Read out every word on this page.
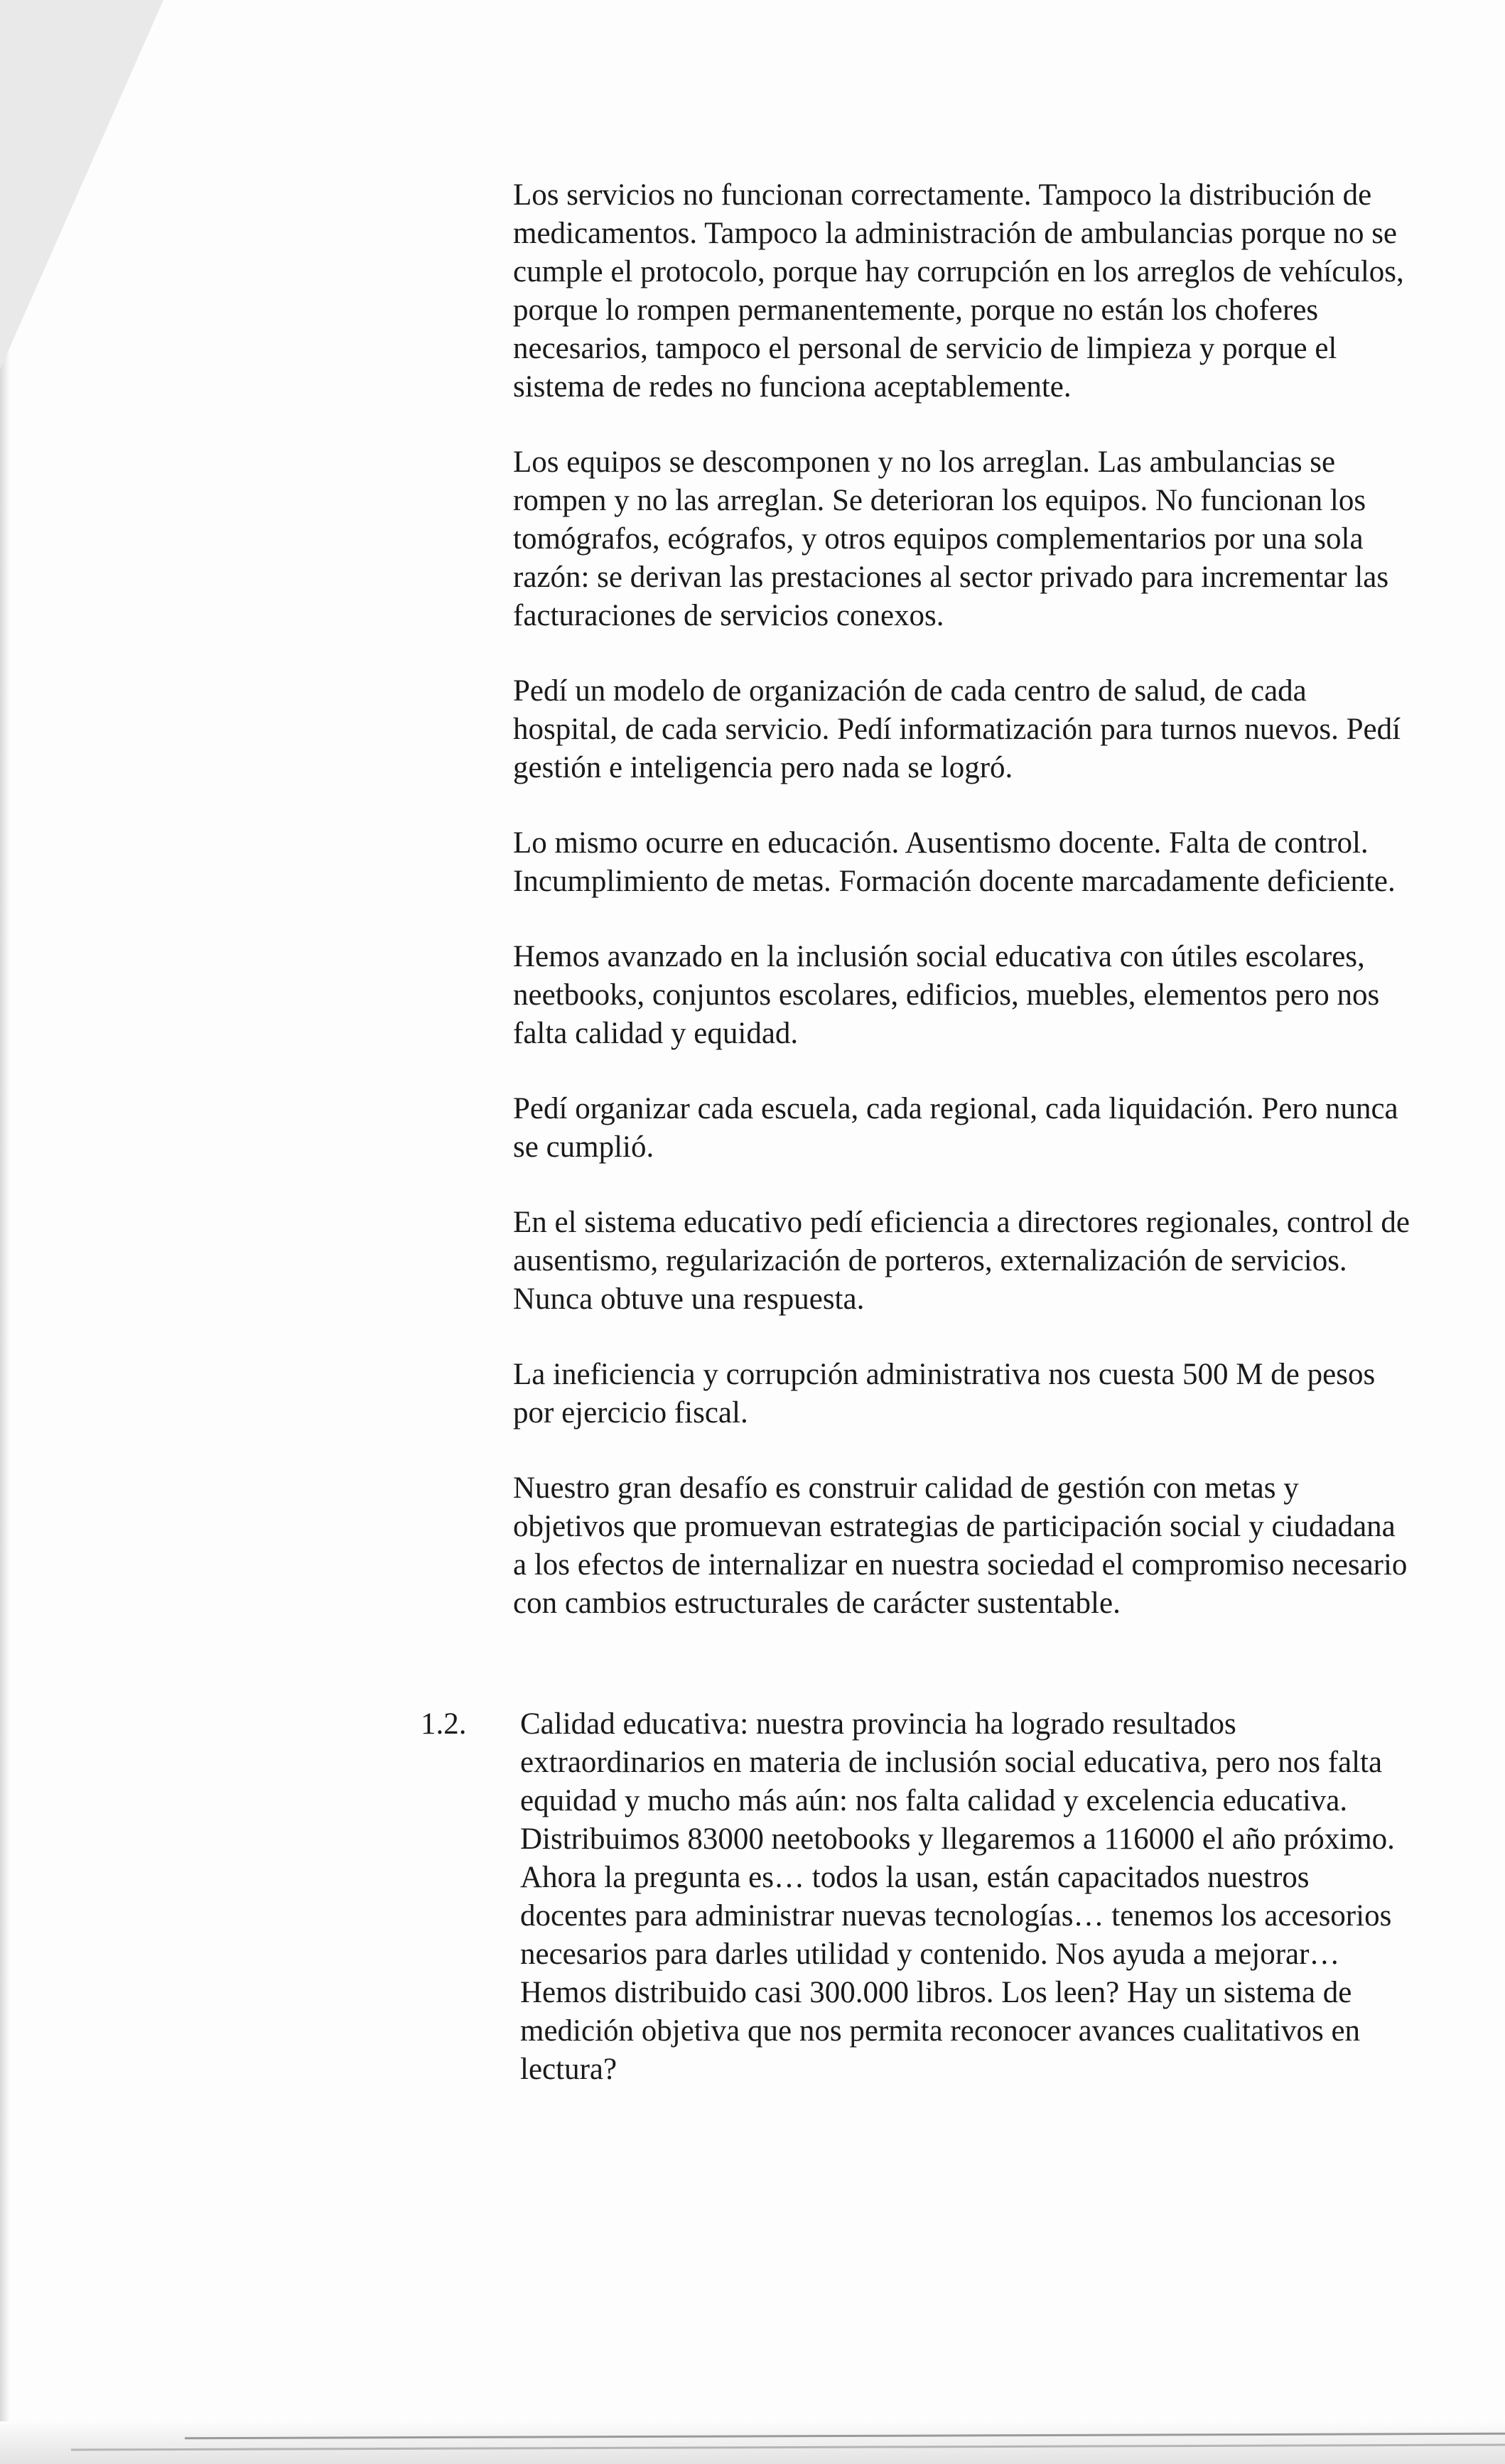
Los servicios no funcionan correctamente. Tampoco la distribución de
medicamentos. Tampoco la administración de ambulancias porque no se
cumple el protocolo, porque hay corrupción en los arreglos de vehículos,
porque lo rompen permanentemente, porque no están los choferes
necesarios, tampoco el personal de servicio de limpieza y porque el
sistema de redes no funciona aceptablemente.

Los equipos se descomponen y no los arreglan. Las ambulancias se
rompen y no las arreglan. Se deterioran los equipos. No funcionan los
tomógrafos, ecógrafos, y otros equipos complementarios por una sola
razón: se derivan las prestaciones al sector privado para incrementar las
facturaciones de servicios conexos.

Pedí un modelo de organización de cada centro de salud, de cada
hospital, de cada servicio. Pedí informatización para turnos nuevos. Pedí
gestión e inteligencia pero nada se logró.

Lo mismo ocurre en educación. Ausentismo docente. Falta de control.
Incumplimiento de metas. Formación docente marcadamente deficiente.

Hemos avanzado en la inclusión social educativa con útiles escolares,
neetbooks, conjuntos escolares, edificios, muebles, elementos pero nos
falta calidad y equidad.

Pedí organizar cada escuela, cada regional, cada liquidación. Pero nunca
se cumplió.

En el sistema educativo pedí eficiencia a directores regionales, control de
ausentismo, regularización de porteros, externalización de servicios.
Nunca obtuve una respuesta.

La ineficiencia y corrupción administrativa nos cuesta 500 M de pesos
por ejercicio fiscal.

Nuestro gran desafío es construir calidad de gestión con metas y
objetivos que promuevan estrategias de participación social y ciudadana
a los efectos de internalizar en nuestra sociedad el compromiso necesario
con cambios estructurales de carácter sustentable.

1.2. Calidad educativa: nuestra provincia ha logrado resultados
extraordinarios en materia de inclusión social educativa, pero nos falta
equidad y mucho más aún: nos falta calidad y excelencia educativa.
Distribuimos 83000 neetobooks y llegaremos a 116000 el año próximo.
Ahora la pregunta es… todos la usan, están capacitados nuestros
docentes para administrar nuevas tecnologías… tenemos los accesorios
necesarios para darles utilidad y contenido. Nos ayuda a mejorar…
Hemos distribuido casi 300.000 libros. Los leen? Hay un sistema de
medición objetiva que nos permita reconocer avances cualitativos en
lectura?
